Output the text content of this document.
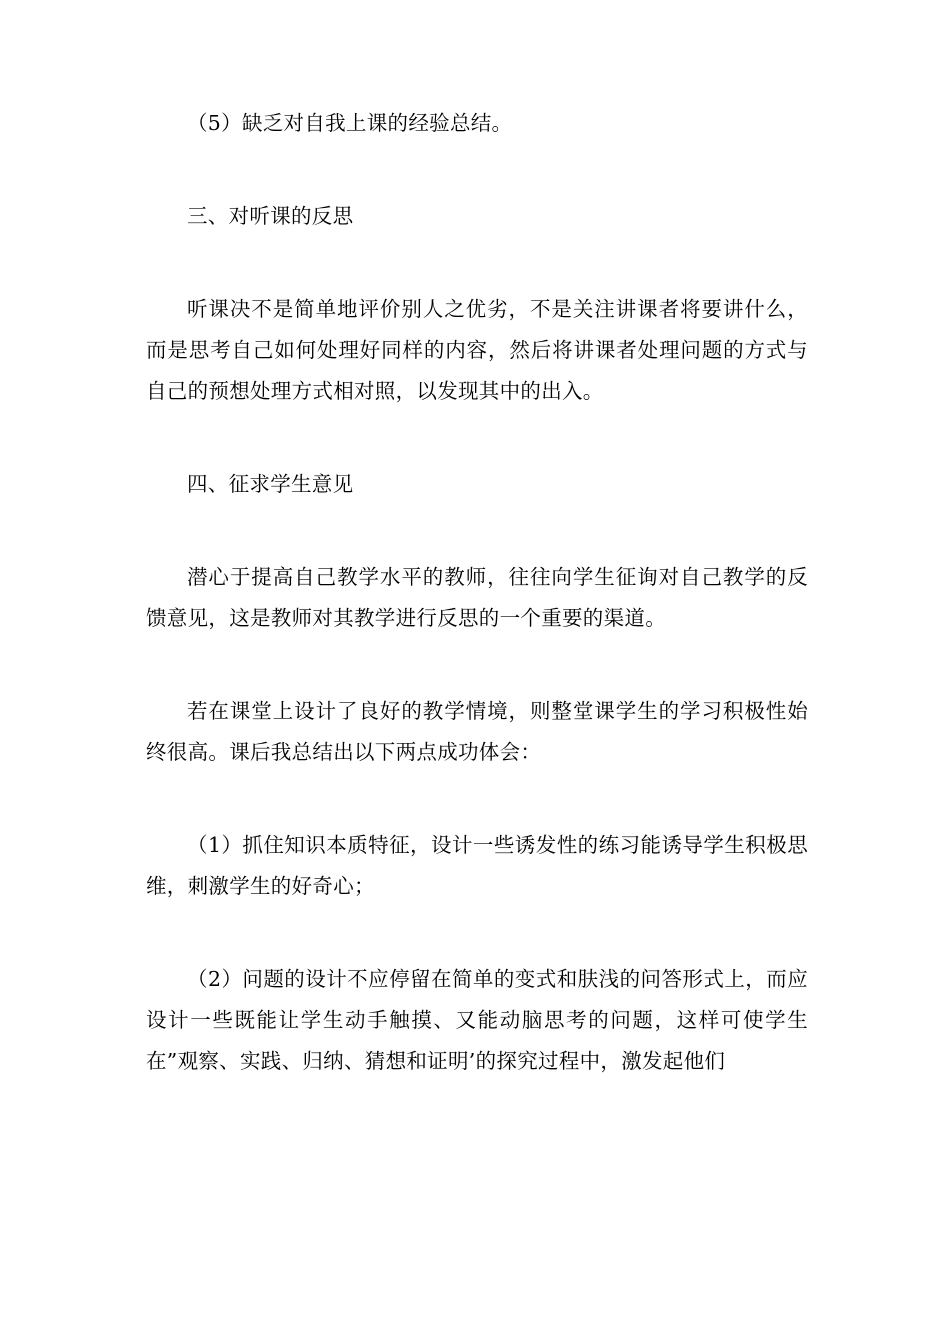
（5）缺乏对自我上课的经验总结。

三、对听课的反思

听课决不是简单地评价别人之优劣，不是关注讲课者将要讲什么，而是思考自己如何处理好同样的内容，然后将讲课者处理问题的方式与自己的预想处理方式相对照，以发现其中的出入。

四、征求学生意见

潜心于提高自己教学水平的教师，往往向学生征询对自己教学的反馈意见，这是教师对其教学进行反思的一个重要的渠道。

若在课堂上设计了良好的教学情境，则整堂课学生的学习积极性始终很高。课后我总结出以下两点成功体会：

（1）抓住知识本质特征，设计一些诱发性的练习能诱导学生积极思维，刺激学生的好奇心；

（2）问题的设计不应停留在简单的变式和肤浅的问答形式上，而应设计一些既能让学生动手触摸、又能动脑思考的问题，这样可使学生在”观察、实践、归纳、猜想和证明’的探究过程中，激发起他们
